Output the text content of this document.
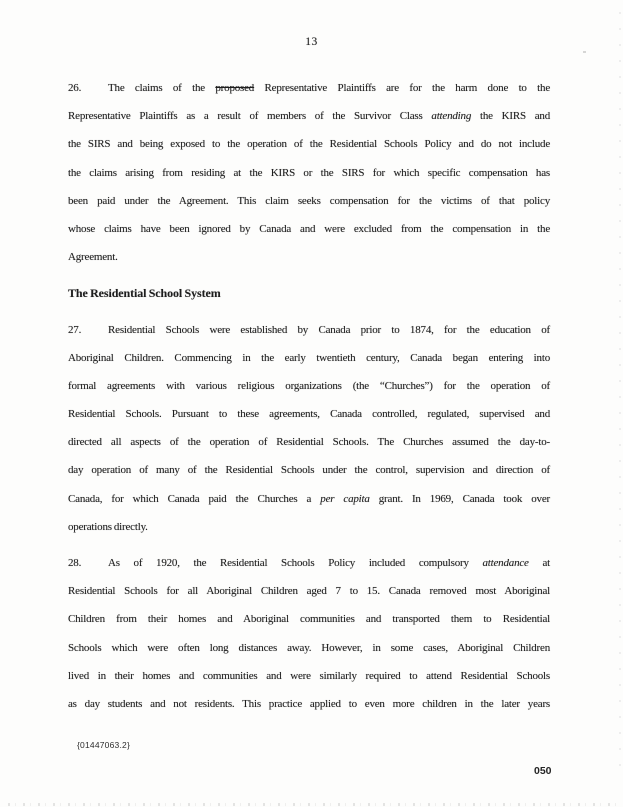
13
26. The claims of the proposed Representative Plaintiffs are for the harm done to the
Representative Plaintiffs as a result of members of the Survivor Class attending the KIRS and
the SIRS and being exposed to the operation of the Residential Schools Policy and do not include
the claims arising from residing at the KIRS or the SIRS for which specific compensation has
been paid under the Agreement. This claim seeks compensation for the victims of that policy
whose claims have been ignored by Canada and were excluded from the compensation in the
Agreement.
The Residential School System
27. Residential Schools were established by Canada prior to 1874, for the education of
Aboriginal Children. Commencing in the early twentieth century, Canada began entering into
formal agreements with various religious organizations (the “Churches”) for the operation of
Residential Schools. Pursuant to these agreements, Canada controlled, regulated, supervised and
directed all aspects of the operation of Residential Schools. The Churches assumed the day-to-
day operation of many of the Residential Schools under the control, supervision and direction of
Canada, for which Canada paid the Churches a per capita grant. In 1969, Canada took over
operations directly.
28. As of 1920, the Residential Schools Policy included compulsory attendance at
Residential Schools for all Aboriginal Children aged 7 to 15. Canada removed most Aboriginal
Children from their homes and Aboriginal communities and transported them to Residential
Schools which were often long distances away. However, in some cases, Aboriginal Children
lived in their homes and communities and were similarly required to attend Residential Schools
as day students and not residents. This practice applied to even more children in the later years
{01447063.2}
050
